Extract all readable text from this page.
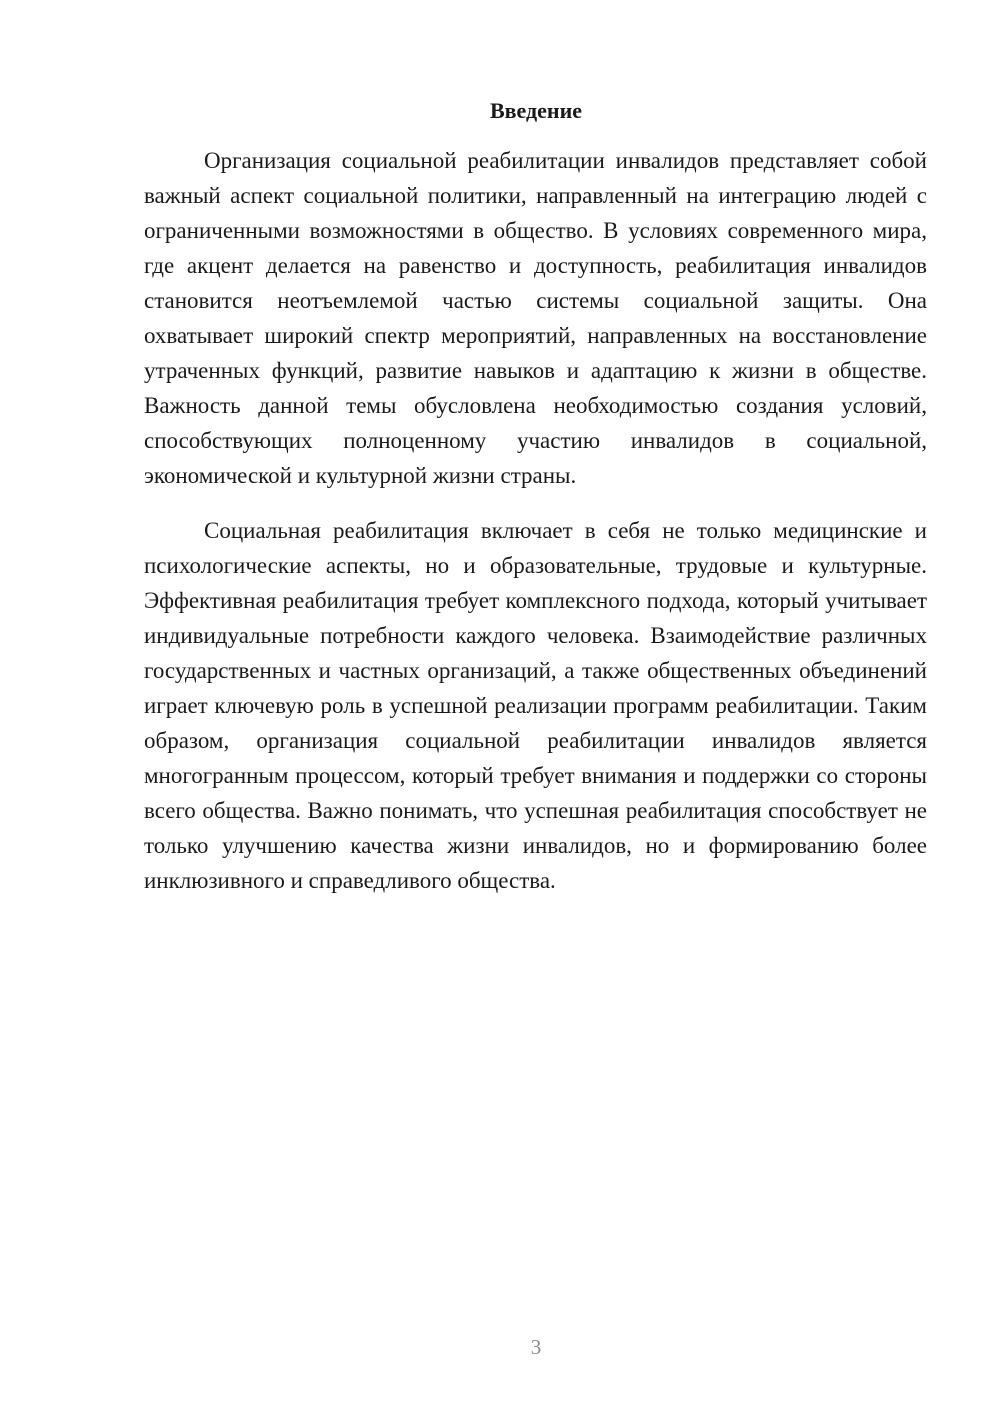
Введение

Организация социальной реабилитации инвалидов представляет собой важный аспект социальной политики, направленный на интеграцию людей с ограниченными возможностями в общество. В условиях современного мира, где акцент делается на равенство и доступность, реабилитация инвалидов становится неотъемлемой частью системы социальной защиты. Она охватывает широкий спектр мероприятий, направленных на восстановление утраченных функций, развитие навыков и адаптацию к жизни в обществе. Важность данной темы обусловлена необходимостью создания условий, способствующих полноценному участию инвалидов в социальной, экономической и культурной жизни страны.

Социальная реабилитация включает в себя не только медицинские и психологические аспекты, но и образовательные, трудовые и культурные. Эффективная реабилитация требует комплексного подхода, который учитывает индивидуальные потребности каждого человека. Взаимодействие различных государственных и частных организаций, а также общественных объединений играет ключевую роль в успешной реализации программ реабилитации. Таким образом, организация социальной реабилитации инвалидов является многогранным процессом, который требует внимания и поддержки со стороны всего общества. Важно понимать, что успешная реабилитация способствует не только улучшению качества жизни инвалидов, но и формированию более инклюзивного и справедливого общества.

3
